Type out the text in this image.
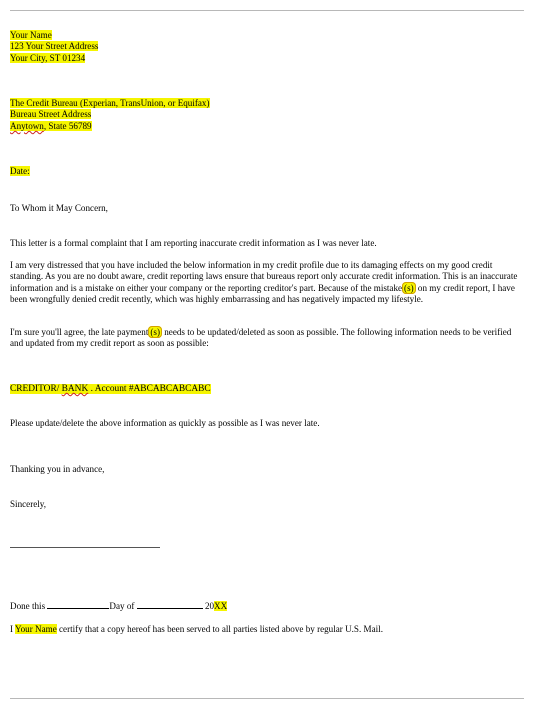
Your Name
123 Your Street Address
Your City, ST 01234
The Credit Bureau (Experian, TransUnion, or Equifax)
Bureau Street Address
Anytown, State 56789
Date:
To Whom it May Concern,
This letter is a formal complaint that I am reporting inaccurate credit information as I was never late.
I am very distressed that you have included the below information in my credit profile due to its damaging effects on my good credit standing. As you are no doubt aware, credit reporting laws ensure that bureaus report only accurate credit information. This is an inaccurate information and is a mistake on either your company or the reporting creditor's part. Because of the mistake (s) on my credit report, I have been wrongfully denied credit recently, which was highly embarrassing and has negatively impacted my lifestyle.
I'm sure you'll agree, the late payment (s) needs to be updated/deleted as soon as possible. The following information needs to be verified and updated from my credit report as soon as possible:
CREDITOR/ BANK . Account #ABCABCABCABC
Please update/delete the above information as quickly as possible as I was never late.
Thanking you in advance,
Sincerely,
Done this	Day of	20XX
I Your Name certify that a copy hereof has been served to all parties listed above by regular U.S. Mail.
